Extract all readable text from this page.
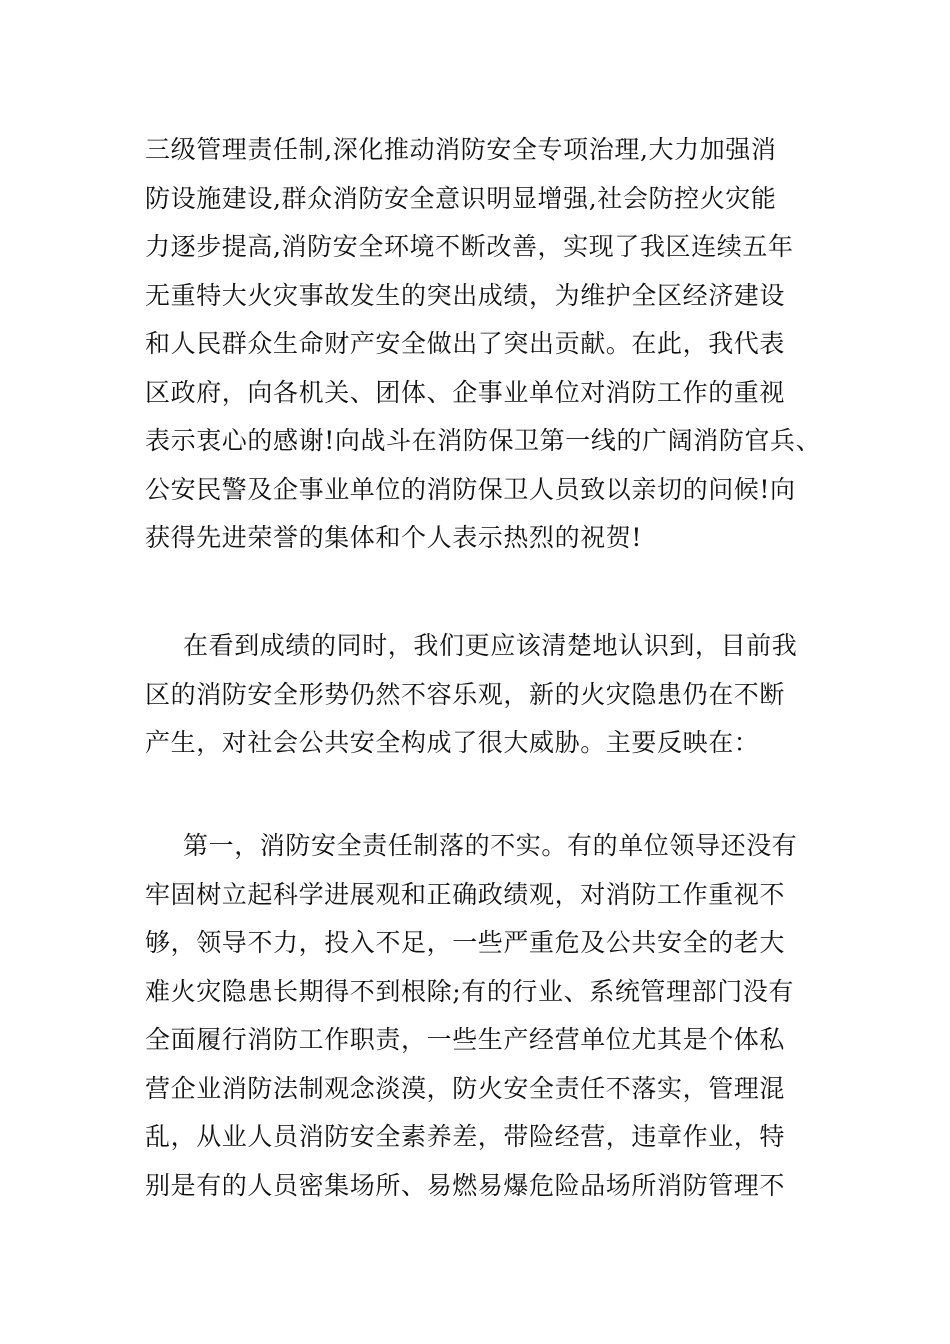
三级管理责任制,深化推动消防安全专项治理,大力加强消
防设施建设,群众消防安全意识明显增强,社会防控火灾能
力逐步提高,消防安全环境不断改善，实现了我区连续五年
无重特大火灾事故发生的突出成绩，为维护全区经济建设
和人民群众生命财产安全做出了突出贡献。在此，我代表
区政府，向各机关、团体、企事业单位对消防工作的重视
表示衷心的感谢!向战斗在消防保卫第一线的广阔消防官兵、
公安民警及企事业单位的消防保卫人员致以亲切的问候!向
获得先进荣誉的集体和个人表示热烈的祝贺!
在看到成绩的同时，我们更应该清楚地认识到，目前我
区的消防安全形势仍然不容乐观，新的火灾隐患仍在不断
产生，对社会公共安全构成了很大威胁。主要反映在：
第一，消防安全责任制落的不实。有的单位领导还没有
牢固树立起科学进展观和正确政绩观，对消防工作重视不
够，领导不力，投入不足，一些严重危及公共安全的老大
难火灾隐患长期得不到根除;有的行业、系统管理部门没有
全面履行消防工作职责，一些生产经营单位尤其是个体私
营企业消防法制观念淡漠，防火安全责任不落实，管理混
乱，从业人员消防安全素养差，带险经营，违章作业，特
别是有的人员密集场所、易燃易爆危险品场所消防管理不
